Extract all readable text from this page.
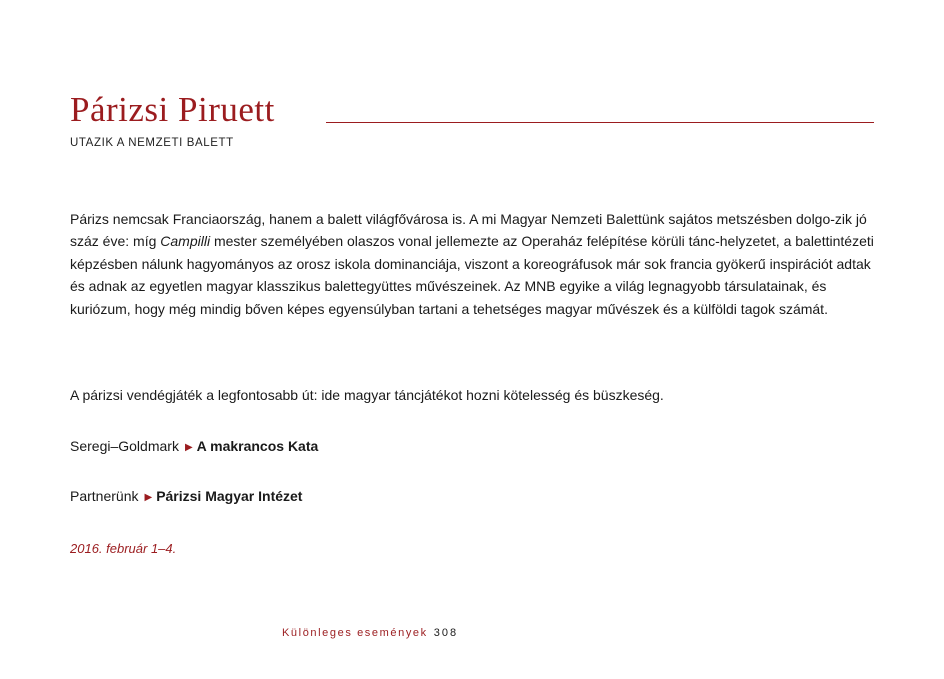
Párizsi Piruett
UTAZIK A NEMZETI BALETT

Párizs nemcsak Franciaország, hanem a balett világfővárosa is. A mi Magyar Nemzeti Balettünk sajátos metszésben dolgo-zik jó száz éve: míg Campilli mester személyében olaszos vonal jellemezte az Operaház felépítése körüli tánc-helyzetet, a balettintézeti képzésben nálunk hagyományos az orosz iskola dominanciája, viszont a koreográfusok már sok francia gyökerű inspirációt adtak és adnak az egyetlen magyar klasszikus balettegyüttes művészeinek. Az MNB egyike a világ legnagyobb társulatainak, és kuriózum, hogy még mindig bőven képes egyensúlyban tartani a tehetséges magyar művészek és a külföldi tagok számát.

A párizsi vendégjáték a legfontosabb út: ide magyar táncjátékot hozni kötelesség és büszkeség.

Seregi–Goldmark ▶ A makrancos Kata
Partnerünk ▶ Párizsi Magyar Intézet
2016. február 1–4.
Különleges események 308
